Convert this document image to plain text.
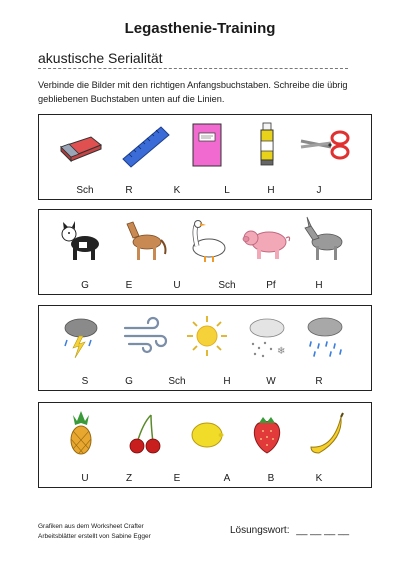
Legasthenie-Training
akustische Serialität
Verbinde die Bilder mit den richtigen Anfangsbuchstaben. Schreibe die übrig gebliebenen Buchstaben unten auf die Linien.
Sch	R	K	L	H	J
G	E	U	Sch	Pf	H
❄
S	G	Sch	H	W	R
U	Z	E	A	B	K
Grafiken aus dem Worksheet Crafter
Arbeitsblätter erstellt von Sabine Egger
Lösungswort: __ __ __ __
